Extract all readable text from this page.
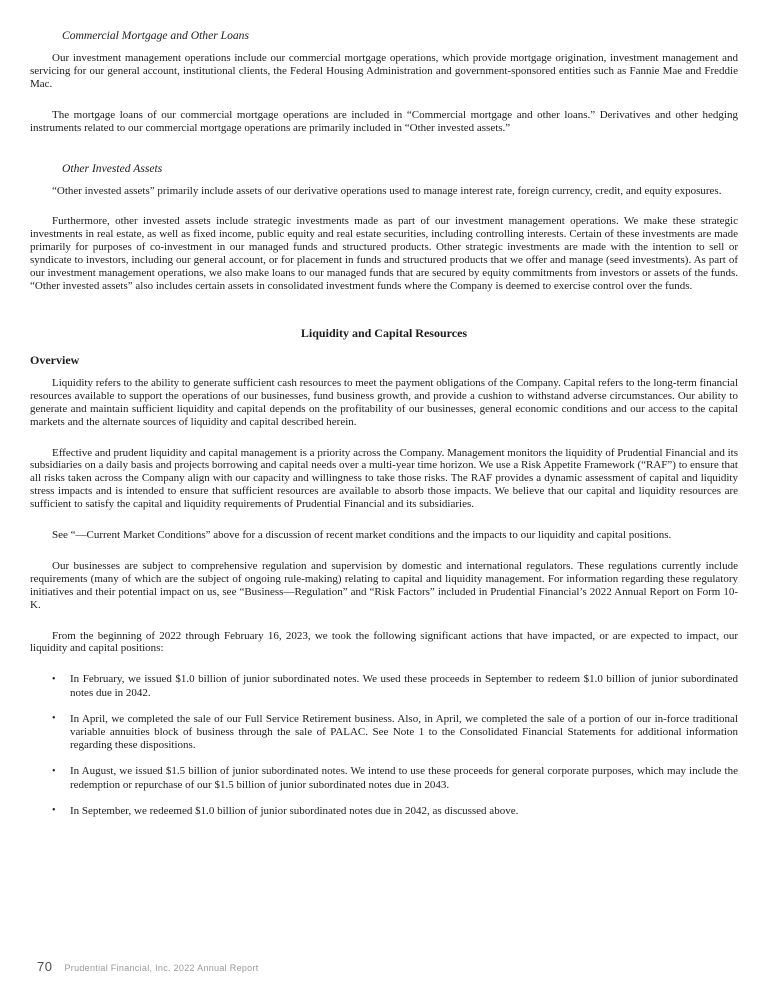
Commercial Mortgage and Other Loans

Our investment management operations include our commercial mortgage operations, which provide mortgage origination, investment management and servicing for our general account, institutional clients, the Federal Housing Administration and government-sponsored entities such as Fannie Mae and Freddie Mac.

The mortgage loans of our commercial mortgage operations are included in “Commercial mortgage and other loans.” Derivatives and other hedging instruments related to our commercial mortgage operations are primarily included in “Other invested assets.”

Other Invested Assets

“Other invested assets” primarily include assets of our derivative operations used to manage interest rate, foreign currency, credit, and equity exposures.

Furthermore, other invested assets include strategic investments made as part of our investment management operations. We make these strategic investments in real estate, as well as fixed income, public equity and real estate securities, including controlling interests. Certain of these investments are made primarily for purposes of co-investment in our managed funds and structured products. Other strategic investments are made with the intention to sell or syndicate to investors, including our general account, or for placement in funds and structured products that we offer and manage (seed investments). As part of our investment management operations, we also make loans to our managed funds that are secured by equity commitments from investors or assets of the funds. “Other invested assets” also includes certain assets in consolidated investment funds where the Company is deemed to exercise control over the funds.

Liquidity and Capital Resources
Overview

Liquidity refers to the ability to generate sufficient cash resources to meet the payment obligations of the Company. Capital refers to the long-term financial resources available to support the operations of our businesses, fund business growth, and provide a cushion to withstand adverse circumstances. Our ability to generate and maintain sufficient liquidity and capital depends on the profitability of our businesses, general economic conditions and our access to the capital markets and the alternate sources of liquidity and capital described herein.

Effective and prudent liquidity and capital management is a priority across the Company. Management monitors the liquidity of Prudential Financial and its subsidiaries on a daily basis and projects borrowing and capital needs over a multi-year time horizon. We use a Risk Appetite Framework (“RAF”) to ensure that all risks taken across the Company align with our capacity and willingness to take those risks. The RAF provides a dynamic assessment of capital and liquidity stress impacts and is intended to ensure that sufficient resources are available to absorb those impacts. We believe that our capital and liquidity resources are sufficient to satisfy the capital and liquidity requirements of Prudential Financial and its subsidiaries.

See “—Current Market Conditions” above for a discussion of recent market conditions and the impacts to our liquidity and capital positions.

Our businesses are subject to comprehensive regulation and supervision by domestic and international regulators. These regulations currently include requirements (many of which are the subject of ongoing rule-making) relating to capital and liquidity management. For information regarding these regulatory initiatives and their potential impact on us, see “Business—Regulation” and “Risk Factors” included in Prudential Financial’s 2022 Annual Report on Form 10-K.

From the beginning of 2022 through February 16, 2023, we took the following significant actions that have impacted, or are expected to impact, our liquidity and capital positions:

• In February, we issued $1.0 billion of junior subordinated notes. We used these proceeds in September to redeem $1.0 billion of junior subordinated notes due in 2042.
• In April, we completed the sale of our Full Service Retirement business. Also, in April, we completed the sale of a portion of our in-force traditional variable annuities block of business through the sale of PALAC. See Note 1 to the Consolidated Financial Statements for additional information regarding these dispositions.
• In August, we issued $1.5 billion of junior subordinated notes. We intend to use these proceeds for general corporate purposes, which may include the redemption or repurchase of our $1.5 billion of junior subordinated notes due in 2043.
• In September, we redeemed $1.0 billion of junior subordinated notes due in 2042, as discussed above.
70 Prudential Financial, Inc. 2022 Annual Report
